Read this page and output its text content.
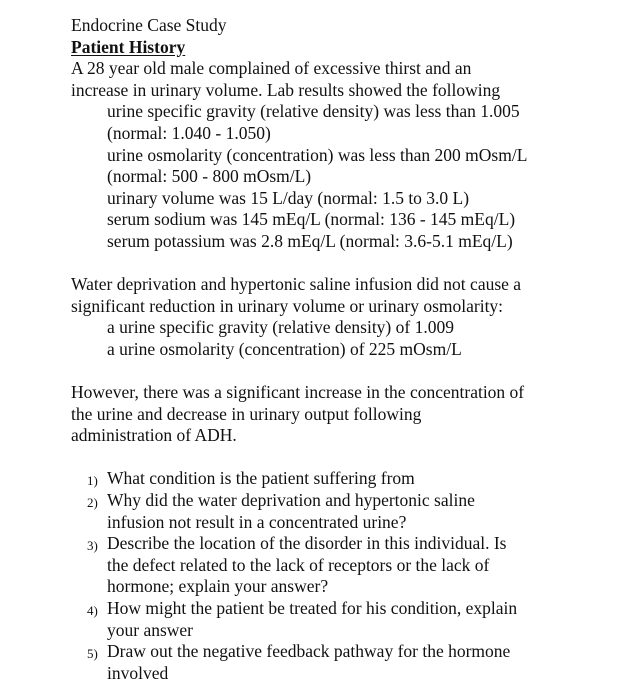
Endocrine Case Study
Patient History
A 28 year old male complained of excessive thirst and an
increase in urinary volume. Lab results showed the following
urine specific gravity (relative density) was less than 1.005
(normal: 1.040 - 1.050)
urine osmolarity (concentration) was less than 200 mOsm/L
(normal: 500 - 800 mOsm/L)
urinary volume was 15 L/day (normal: 1.5 to 3.0 L)
serum sodium was 145 mEq/L (normal: 136 - 145 mEq/L)
serum potassium was 2.8 mEq/L (normal: 3.6-5.1 mEq/L)
Water deprivation and hypertonic saline infusion did not cause a
significant reduction in urinary volume or urinary osmolarity:
a urine specific gravity (relative density) of 1.009
a urine osmolarity (concentration) of 225 mOsm/L
However, there was a significant increase in the concentration of
the urine and decrease in urinary output following
administration of ADH.
1) What condition is the patient suffering from
2) Why did the water deprivation and hypertonic saline
infusion not result in a concentrated urine?
3) Describe the location of the disorder in this individual. Is
the defect related to the lack of receptors or the lack of
hormone; explain your answer?
4) How might the patient be treated for his condition, explain
your answer
5) Draw out the negative feedback pathway for the hormone
involved
